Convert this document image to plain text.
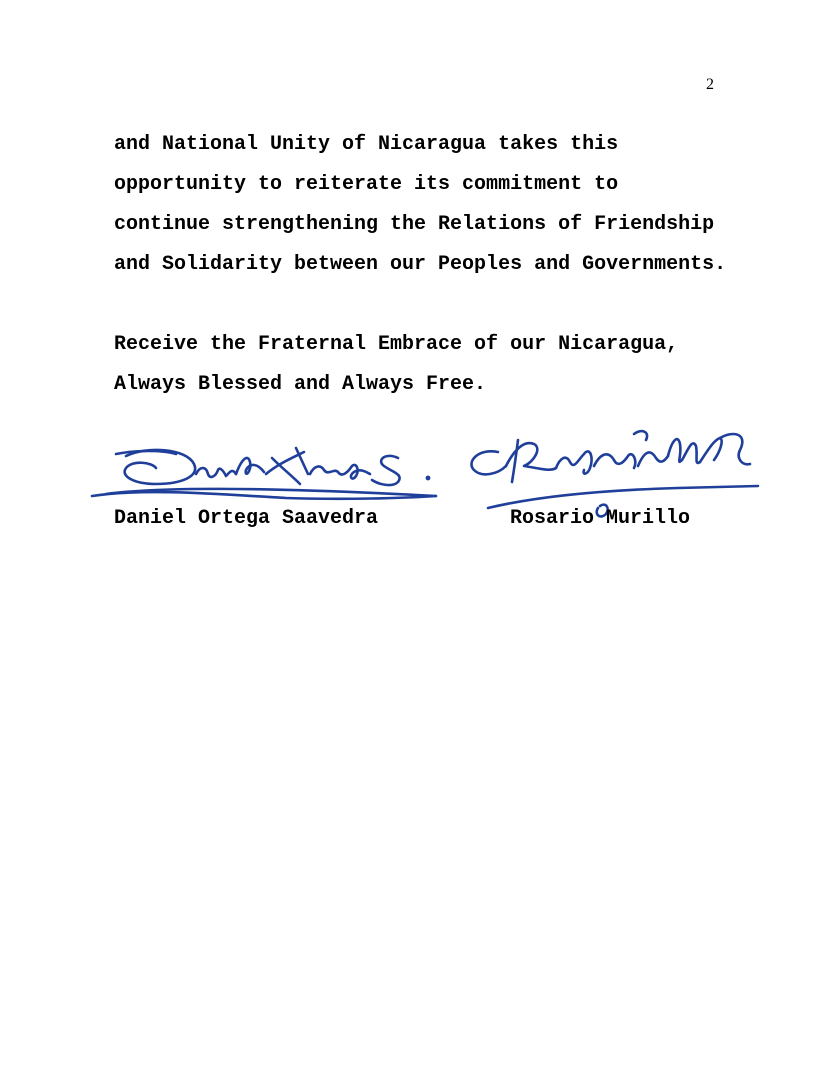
2
and National Unity of Nicaragua takes this
opportunity to reiterate its commitment to
continue strengthening the Relations of Friendship
and Solidarity between our Peoples and Governments.
Receive the Fraternal Embrace of our Nicaragua,
Always Blessed and Always Free.
Daniel Ortega Saavedra	Rosario Murillo
